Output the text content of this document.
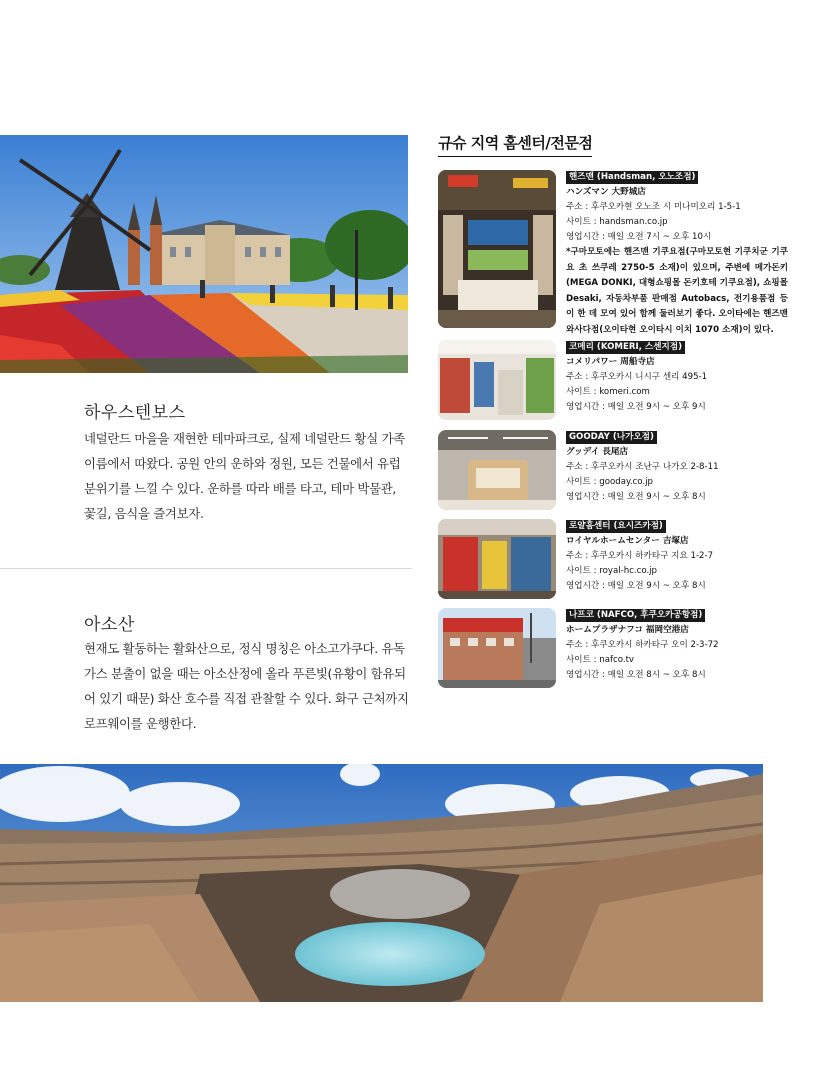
하우스텐보스

네덜란드 마을을 재현한 테마파크로, 실제 네덜란드 황실 가족 이름에서 따왔다. 공원 안의 운하와 정원, 모든 건물에서 유럽 분위기를 느낄 수 있다. 운하를 따라 배를 타고, 테마 박물관, 꽃길, 음식을 즐겨보자.

아소산

현재도 활동하는 활화산으로, 정식 명칭은 아소고가쿠다. 유독가스 분출이 없을 때는 아소산정에 올라 푸른빛(유황이 함유되어 있기 때문) 화산 호수를 직접 관찰할 수 있다. 화구 근처까지 로프웨이를 운행한다.

규슈 지역 홈센터/전문점
핸즈맨 (Handsman, 오노조점)
ハンズマン 大野城店
주소 : 후쿠오카현 오노조 시 미나미오리 1-5-1
사이트 : handsman.co.jp
영업시간 : 매일 오전 7시 ~ 오후 10시
*구마모토에는 핸즈맨 기쿠요점(구마모토현 기쿠치군 기쿠요 초 쓰쿠레 2750-5 소재)이 있으며, 주변에 메가돈키(MEGA DONKI, 대형쇼핑몰 돈키호테 기쿠요점), 쇼핑몰 Desaki, 자동차부품 판매점 Autobacs, 전기용품점 등이 한 데 모여 있어 함께 둘러보기 좋다. 오이타에는 핸즈맨 와사다점(오이타현 오이타시 이치 1070 소재)이 있다.
코메리 (KOMERI, 스센지점)
コメリパワー 周船寺店
주소 : 후쿠오카시 니시구 센리 495-1
사이트 : komeri.com
영업시간 : 매일 오전 9시 ~ 오후 9시
GOODAY (나가오점)
グッデイ 長尾店
주소 : 후쿠오카시 조난구 나가오 2-8-11
사이트 : gooday.co.jp
영업시간 : 매일 오전 9시 ~ 오후 8시
로얄홈센터 (요시즈카점)
ロイヤルホームセンター 吉塚店
주소 : 후쿠오카시 하카타구 지요 1-2-7
사이트 : royal-hc.co.jp
영업시간 : 매일 오전 9시 ~ 오후 8시
나프코 (NAFCO, 후쿠오카공항점)
ホームプラザナフコ 福岡空港店
주소 : 후쿠오카시 하카타구 오이 2-3-72
사이트 : nafco.tv
영업시간 : 매일 오전 8시 ~ 오후 8시
